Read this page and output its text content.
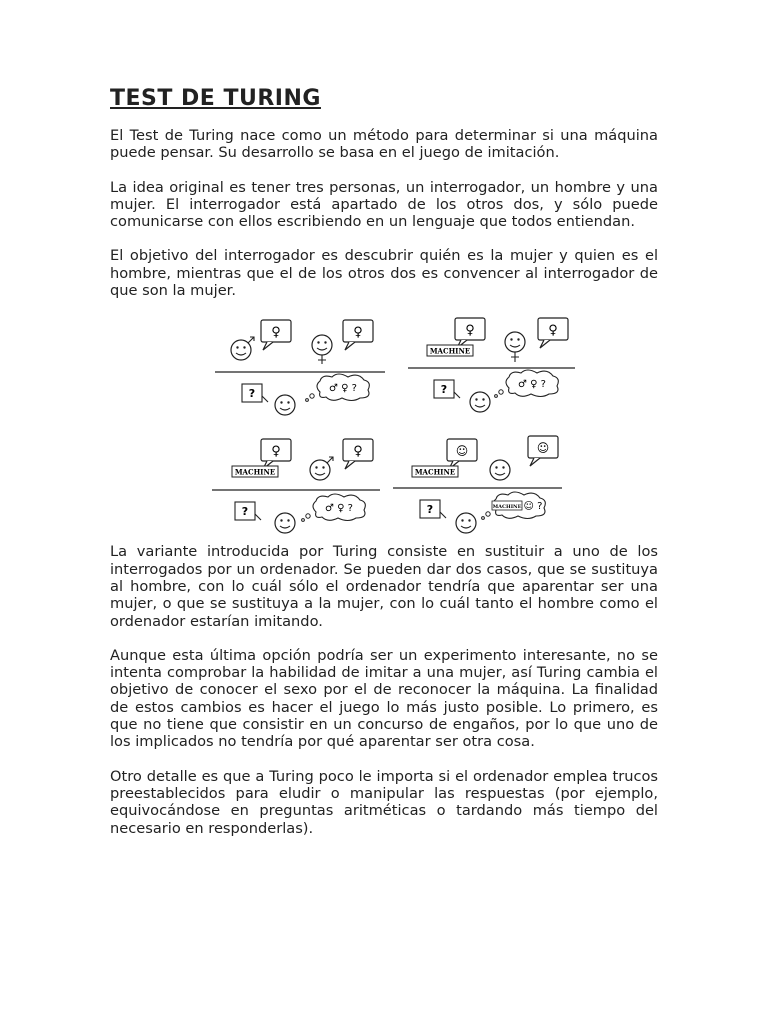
TEST DE TURING

El Test de Turing nace como un método para determinar si una máquina puede pensar. Su desarrollo se basa en el juego de imitación.

La idea original es tener tres personas, un interrogador, un hombre y una mujer. El interrogador está apartado de los otros dos, y sólo puede comunicarse con ellos escribiendo en un lenguaje que todos entiendan.

El objetivo del interrogador es descubrir quién es la mujer y quien es el hombre, mientras que el de los otros dos es convencer al interrogador de que son la mujer.

♀	♀
?	♂ ♀ ?
♀	♀
MACHINE
?	♂ ♀ ?
♀	♀
MACHINE
?	♂ ♀ ?
☺	☺
MACHINE
?	MACHINE ☺ ?

La variante introducida por Turing consiste en sustituir a uno de los interrogados por un ordenador. Se pueden dar dos casos, que se sustituya al hombre, con lo cuál sólo el ordenador tendría que aparentar ser una mujer, o que se sustituya a la mujer, con lo cuál tanto el hombre como el ordenador estarían imitando.

Aunque esta última opción podría ser un experimento interesante, no se intenta comprobar la habilidad de imitar a una mujer, así Turing cambia el objetivo de conocer el sexo por el de reconocer la máquina. La finalidad de estos cambios es hacer el juego lo más justo posible. Lo primero, es que no tiene que consistir en un concurso de engaños, por lo que uno de los implicados no tendría por qué aparentar ser otra cosa.

Otro detalle es que a Turing poco le importa si el ordenador emplea trucos preestablecidos para eludir o manipular las respuestas (por ejemplo, equivocándose en preguntas aritméticas o tardando más tiempo del necesario en responderlas).
